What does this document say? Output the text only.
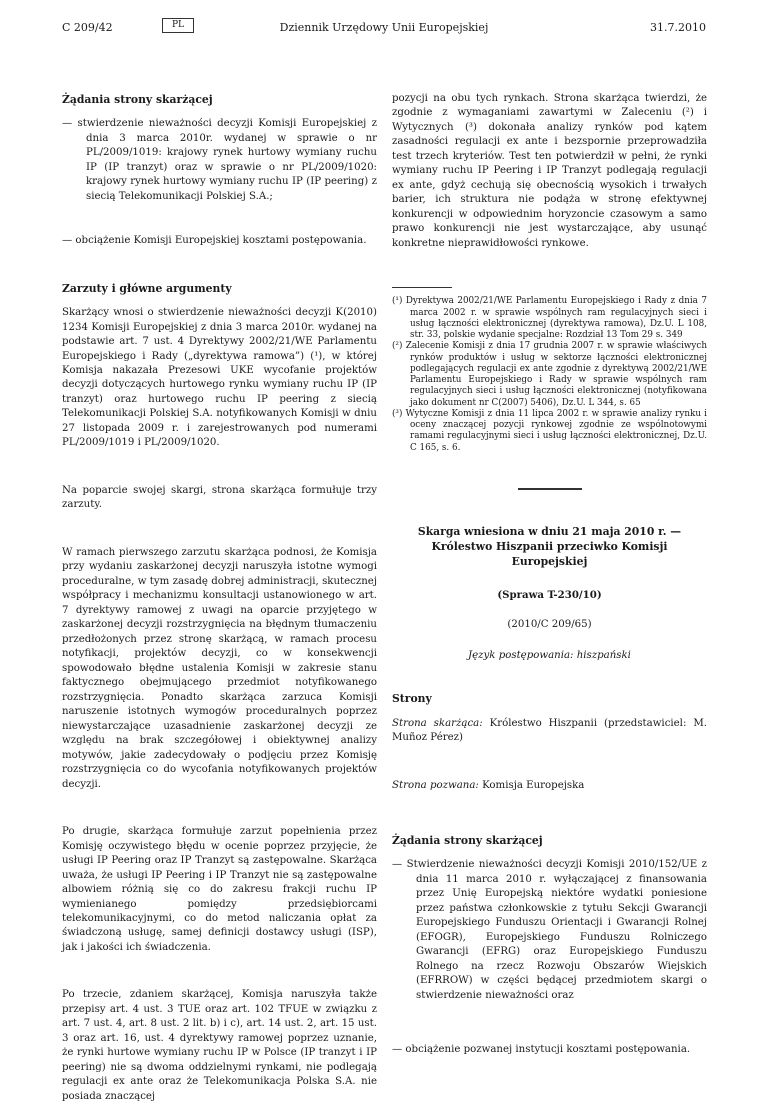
C 209/42	PL	Dziennik Urzędowy Unii Europejskiej	31.7.2010

Żądania strony skarżącej

— stwierdzenie nieważności decyzji Komisji Europejskiej z dnia 3 marca 2010r. wydanej w sprawie o nr PL/2009/1019: krajowy rynek hurtowy wymiany ruchu IP (IP tranzyt) oraz w sprawie o nr PL/2009/1020: krajowy rynek hurtowy wymiany ruchu IP (IP peering) z siecią Telekomunikacji Polskiej S.A.;

— obciążenie Komisji Europejskiej kosztami postępowania.

Zarzuty i główne argumenty

Skarżący wnosi o stwierdzenie nieważności decyzji K(2010) 1234 Komisji Europejskiej z dnia 3 marca 2010r. wydanej na podstawie art. 7 ust. 4 Dyrektywy 2002/21/WE Parlamentu Europejskiego i Rady („dyrektywa ramowa”) (¹), w której Komisja nakazała Prezesowi UKE wycofanie projektów decyzji dotyczących hurtowego rynku wymiany ruchu IP (IP tranzyt) oraz hurtowego ruchu IP peering z siecią Telekomunikacji Polskiej S.A. notyfikowanych Komisji w dniu 27 listopada 2009 r. i zarejestrowanych pod numerami PL/2009/1019 i PL/2009/1020.

Na poparcie swojej skargi, strona skarżąca formułuje trzy zarzuty.

W ramach pierwszego zarzutu skarżąca podnosi, że Komisja przy wydaniu zaskarżonej decyzji naruszyła istotne wymogi proceduralne, w tym zasadę dobrej administracji, skutecznej współpracy i mechanizmu konsultacji ustanowionego w art. 7 dyrektywy ramowej z uwagi na oparcie przyjętego w zaskarżonej decyzji rozstrzygnięcia na błędnym tłumaczeniu przedłożonych przez stronę skarżącą, w ramach procesu notyfikacji, projektów decyzji, co w konsekwencji spowodowało błędne ustalenia Komisji w zakresie stanu faktycznego obejmującego przedmiot notyfikowanego rozstrzygnięcia. Ponadto skarżąca zarzuca Komisji naruszenie istotnych wymogów proceduralnych poprzez niewystarczające uzasadnienie zaskarżonej decyzji ze względu na brak szczegółowej i obiektywnej analizy motywów, jakie zadecydowały o podjęciu przez Komisję rozstrzygnięcia co do wycofania notyfikowanych projektów decyzji.

Po drugie, skarżąca formułuje zarzut popełnienia przez Komisję oczywistego błędu w ocenie poprzez przyjęcie, że usługi IP Peering oraz IP Tranzyt są zastępowalne. Skarżąca uważa, że usługi IP Peering i IP Tranzyt nie są zastępowalne albowiem różnią się co do zakresu frakcji ruchu IP wymienianego pomiędzy przedsiębiorcami telekomunikacyjnymi, co do metod naliczania opłat za świadczoną usługę, samej definicji dostawcy usługi (ISP), jak i jakości ich świadczenia.

Po trzecie, zdaniem skarżącej, Komisja naruszyła także przepisy art. 4 ust. 3 TUE oraz art. 102 TFUE w związku z art. 7 ust. 4, art. 8 ust. 2 lit. b) i c), art. 14 ust. 2, art. 15 ust. 3 oraz art. 16, ust. 4 dyrektywy ramowej poprzez uznanie, że rynki hurtowe wymiany ruchu IP w Polsce (IP tranzyt i IP peering) nie są dwoma oddzielnymi rynkami, nie podlegają regulacji ex ante oraz że Telekomunikacja Polska S.A. nie posiada znaczącej

pozycji na obu tych rynkach. Strona skarżąca twierdzi, że zgodnie z wymaganiami zawartymi w Zaleceniu (²) i Wytycznych (³) dokonała analizy rynków pod kątem zasadności regulacji ex ante i bezspornie przeprowadziła test trzech kryteriów. Test ten potwierdził w pełni, że rynki wymiany ruchu IP Peering i IP Tranzyt podlegają regulacji ex ante, gdyż cechują się obecnością wysokich i trwałych barier, ich struktura nie podąża w stronę efektywnej konkurencji w odpowiednim horyzoncie czasowym a samo prawo konkurencji nie jest wystarczające, aby usunąć konkretne nieprawidłowości rynkowe.

(¹) Dyrektywa 2002/21/WE Parlamentu Europejskiego i Rady z dnia 7 marca 2002 r. w sprawie wspólnych ram regulacyjnych sieci i usług łączności elektronicznej (dyrektywa ramowa), Dz.U. L 108, str. 33, polskie wydanie specjalne: Rozdział 13 Tom 29 s. 349

(²) Zalecenie Komisji z dnia 17 grudnia 2007 r. w sprawie właściwych rynków produktów i usług w sektorze łączności elektronicznej podlegających regulacji ex ante zgodnie z dyrektywą 2002/21/WE Parlamentu Europejskiego i Rady w sprawie wspólnych ram regulacyjnych sieci i usług łączności elektronicznej (notyfikowana jako dokument nr C(2007) 5406), Dz.U. L 344, s. 65

(³) Wytyczne Komisji z dnia 11 lipca 2002 r. w sprawie analizy rynku i oceny znaczącej pozycji rynkowej zgodnie ze wspólnotowymi ramami regulacyjnymi sieci i usług łączności elektronicznej, Dz.U. C 165, s. 6.

Skarga wniesiona w dniu 21 maja 2010 r. — Królestwo Hiszpanii przeciwko Komisji Europejskiej

(Sprawa T-230/10)

(2010/C 209/65)

Język postępowania: hiszpański

Strony

Strona skarżąca: Królestwo Hiszpanii (przedstawiciel: M. Muñoz Pérez)

Strona pozwana: Komisja Europejska

Żądania strony skarżącej

— Stwierdzenie nieważności decyzji Komisji 2010/152/UE z dnia 11 marca 2010 r. wyłączającej z finansowania przez Unię Europejską niektóre wydatki poniesione przez państwa członkowskie z tytułu Sekcji Gwarancji Europejskiego Funduszu Orientacji i Gwarancji Rolnej (EFOGR), Europejskiego Funduszu Rolniczego Gwarancji (EFRG) oraz Europejskiego Funduszu Rolnego na rzecz Rozwoju Obszarów Wiejskich (EFRROW) w części będącej przedmiotem skargi o stwierdzenie nieważności oraz

— obciążenie pozwanej instytucji kosztami postępowania.
